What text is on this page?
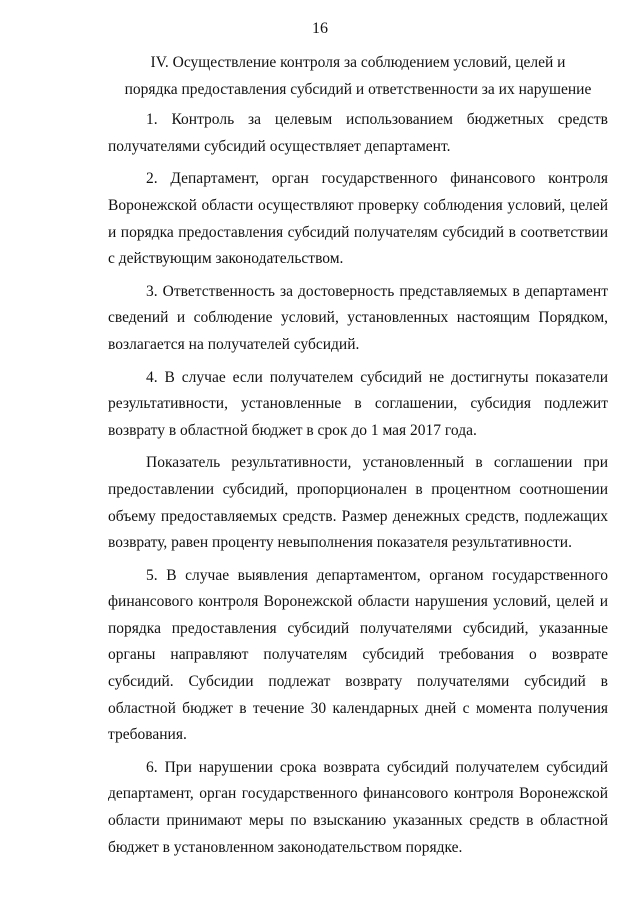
16

IV. Осуществление контроля за соблюдением условий, целей и
порядка предоставления субсидий и ответственности за их нарушение

1. Контроль за целевым использованием бюджетных средств получателями субсидий осуществляет департамент.

2. Департамент, орган государственного финансового контроля Воронежской области осуществляют проверку соблюдения условий, целей и порядка предоставления субсидий получателям субсидий в соответствии с действующим законодательством.

3. Ответственность за достоверность представляемых в департамент сведений и соблюдение условий, установленных настоящим Порядком, возлагается на получателей субсидий.

4. В случае если получателем субсидий не достигнуты показатели результативности, установленные в соглашении, субсидия подлежит возврату в областной бюджет в срок до 1 мая 2017 года.

Показатель результативности, установленный в соглашении при предоставлении субсидий, пропорционален в процентном соотношении объему предоставляемых средств. Размер денежных средств, подлежащих возврату, равен проценту невыполнения показателя результативности.

5. В случае выявления департаментом, органом государственного финансового контроля Воронежской области нарушения условий, целей и порядка предоставления субсидий получателями субсидий, указанные органы направляют получателям субсидий требования о возврате субсидий. Субсидии подлежат возврату получателями субсидий в областной бюджет в течение 30 календарных дней с момента получения требования.

6. При нарушении срока возврата субсидий получателем субсидий департамент, орган государственного финансового контроля Воронежской области принимают меры по взысканию указанных средств в областной бюджет в установленном законодательством порядке.
